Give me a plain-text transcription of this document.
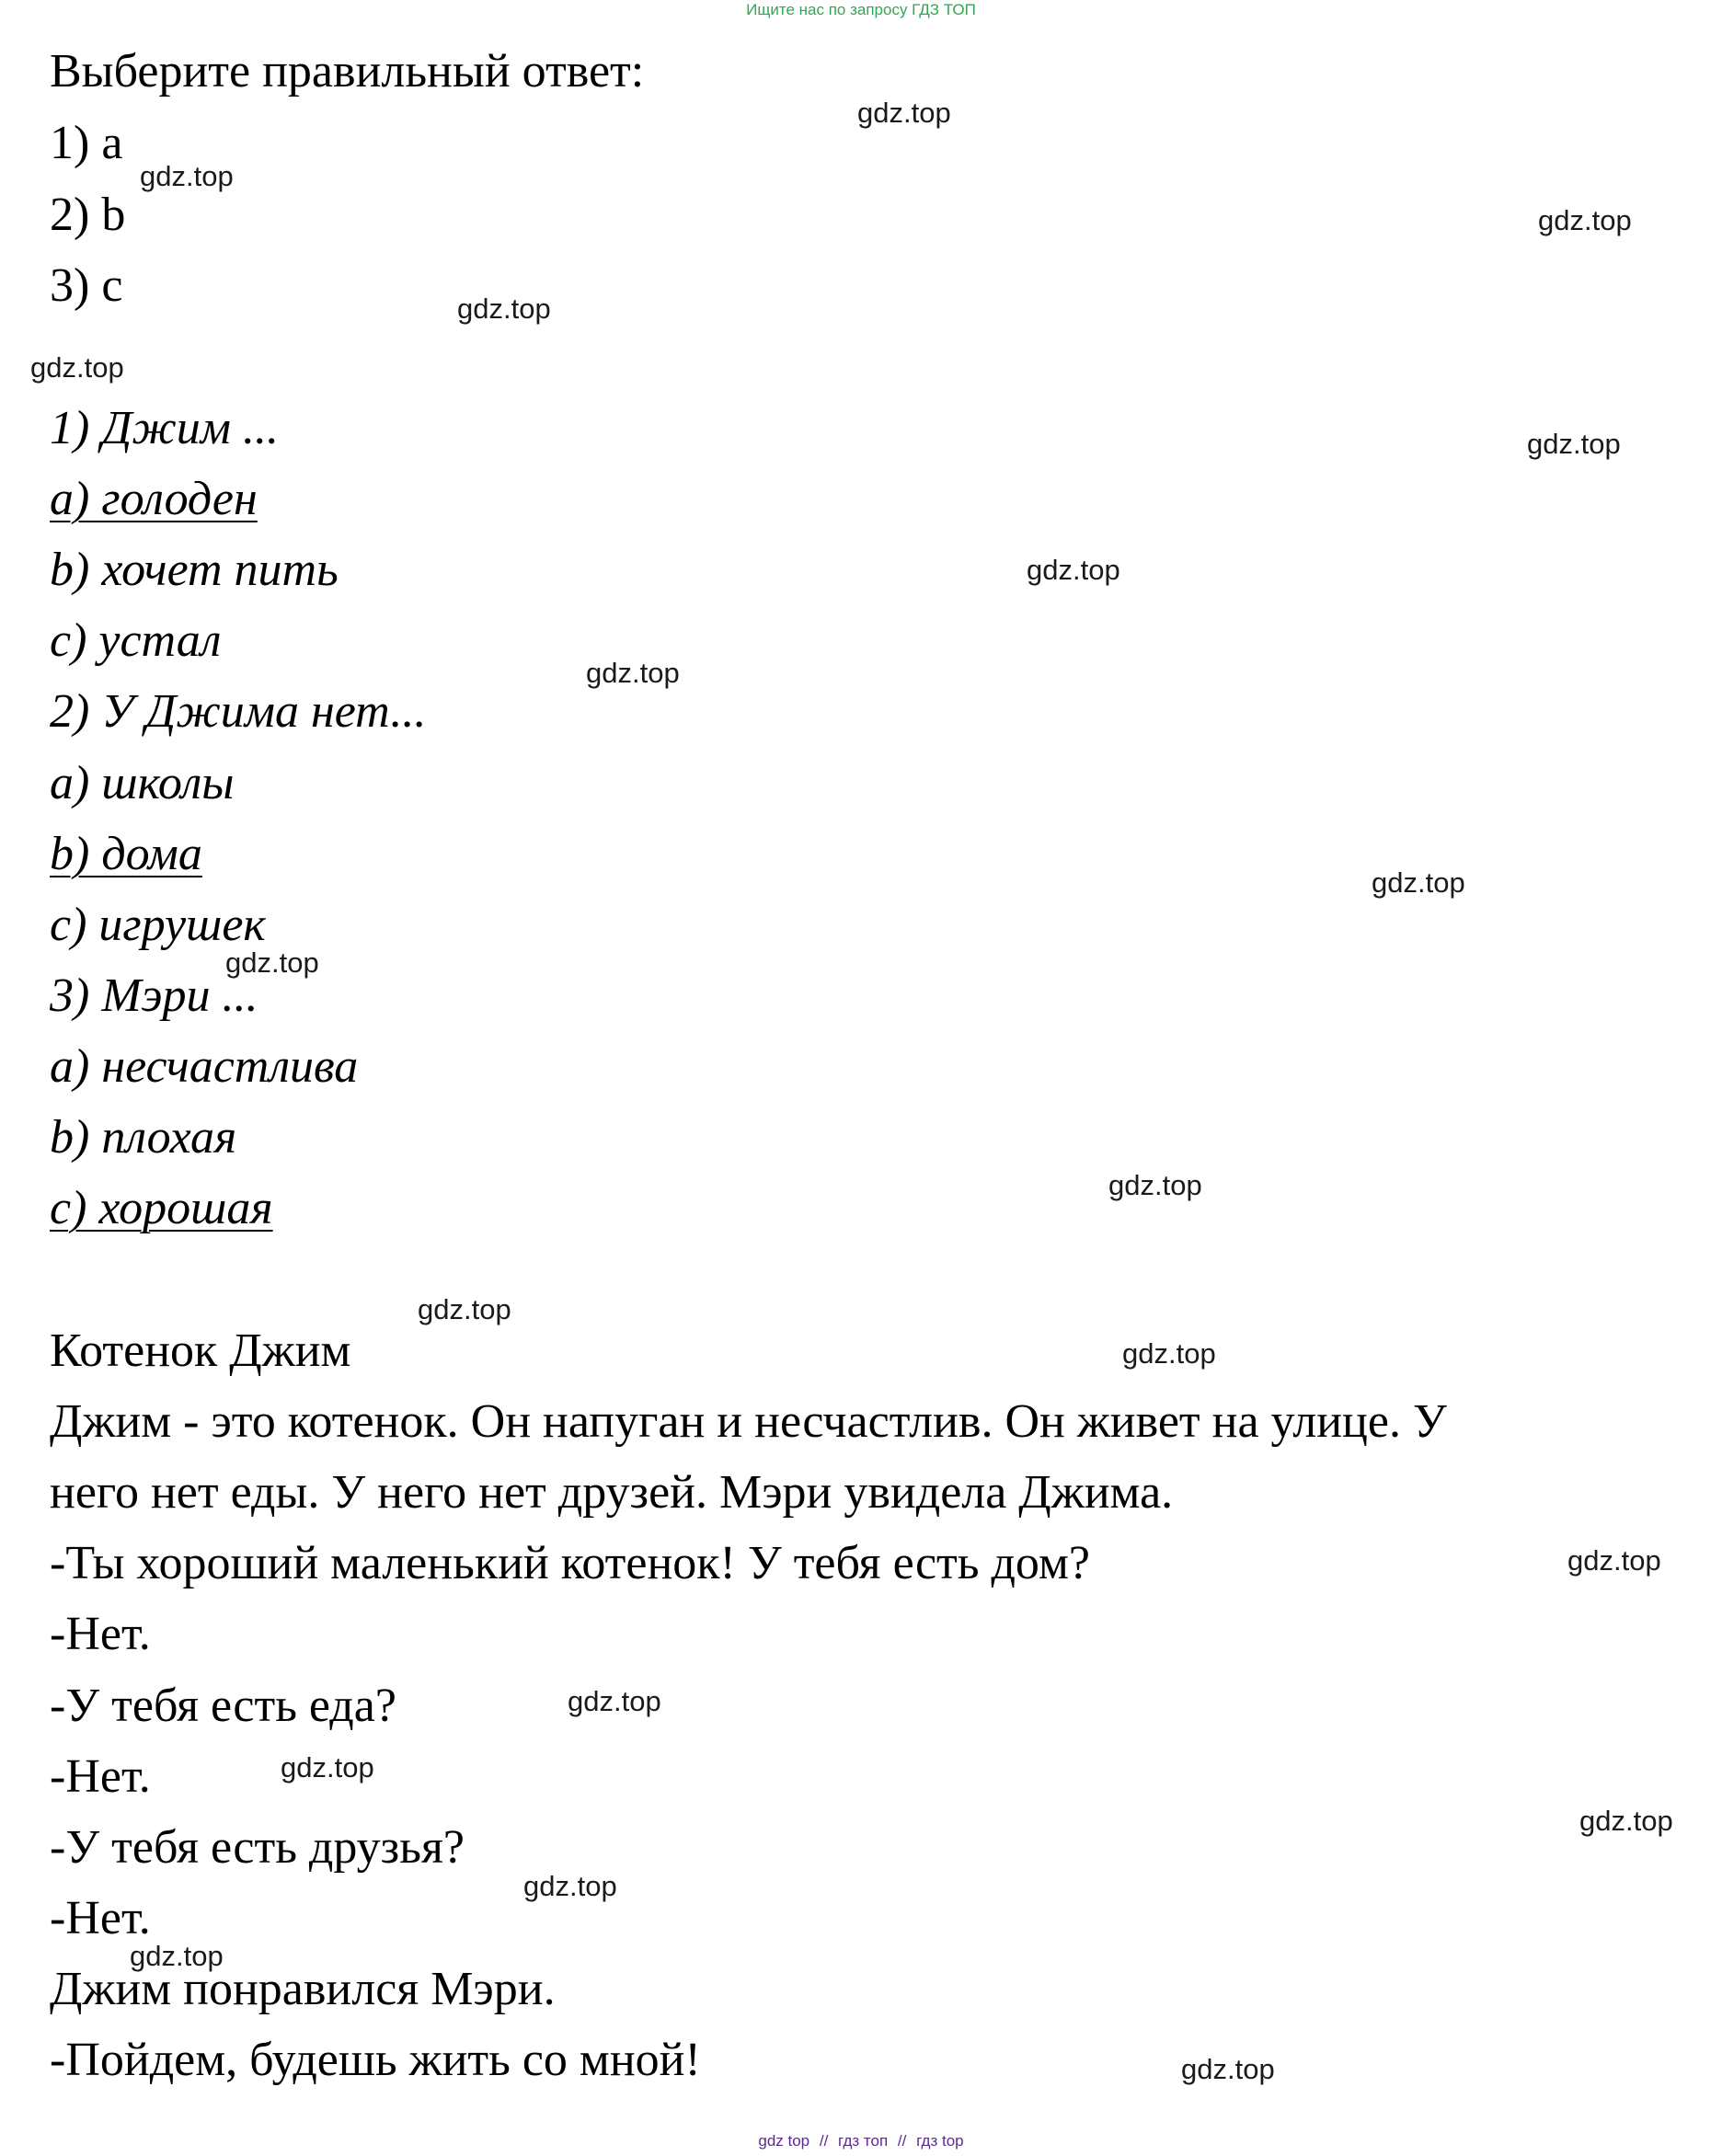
Ищите нас по запросу ГДЗ ТОП

Выберите правильный ответ:

1) a

2) b

3) c

1) Джим ...

a) голоден

b) хочет пить

c) устал

2) У Джима нет...

a) школы

b) дома

c) игрушек

3) Мэри ...

a) несчастлива

b) плохая

c) хорошая

Котенок Джим

Джим - это котенок. Он напуган и несчастлив. Он живет на улице. У

него нет еды. У него нет друзей. Мэри увидела Джима.

-Ты хороший маленький котенок! У тебя есть дом?

-Нет.

-У тебя есть еда?

-Нет.

-У тебя есть друзья?

-Нет.

Джим понравился Мэри.

-Пойдем, будешь жить со мной!

gdz.top
gdz.top
gdz.top
gdz.top
gdz.top
gdz.top
gdz.top
gdz.top
gdz.top
gdz.top
gdz.top
gdz.top
gdz.top
gdz.top
gdz.top
gdz.top
gdz.top
gdz.top
gdz.top
gdz.top
gdz top // гдз топ // гдз top
